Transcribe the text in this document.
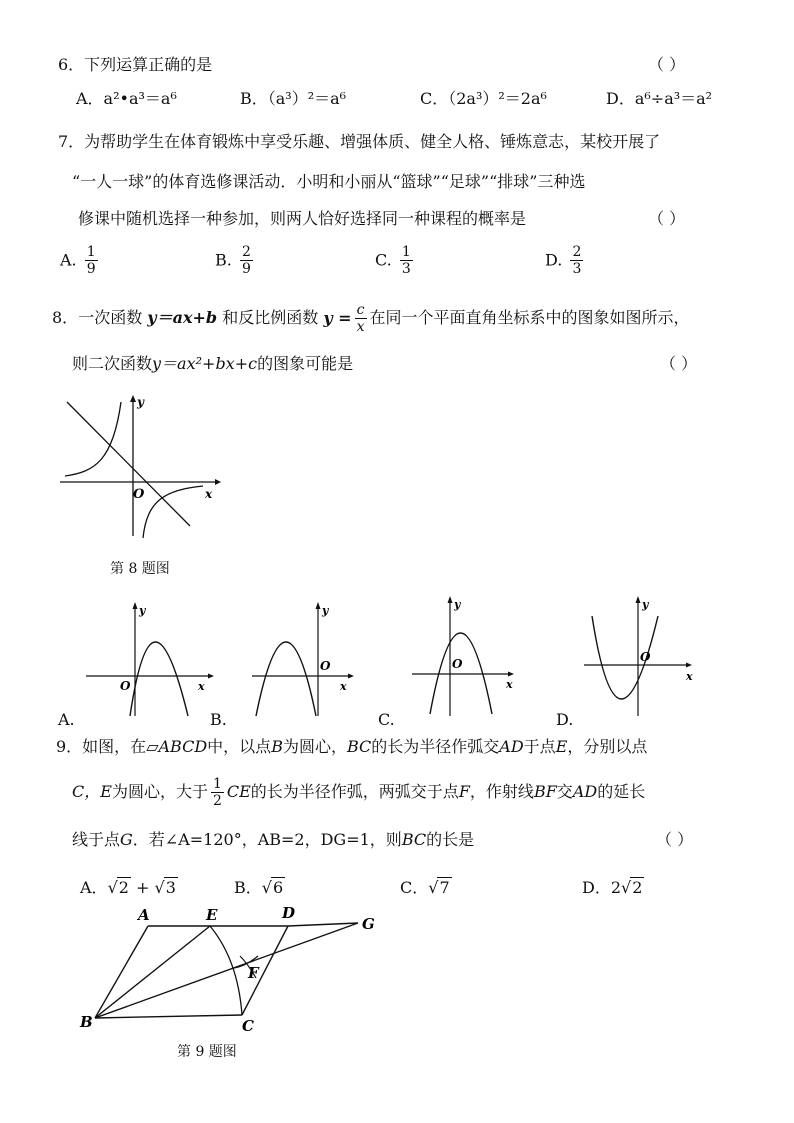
6．下列运算正确的是	（ ）
A．a²•a³＝a⁶	B．（a³）²＝a⁶	C．（2a³）²＝2a⁶	D．a⁶÷a³＝a²
7．为帮助学生在体育锻炼中享受乐趣、增强体质、健全人格、锤炼意志，某校开展了
“一人一球”的体育选修课活动．小明和小丽从“篮球”“足球”“排球”三种选
修课中随机选择一种参加，则两人恰好选择同一种课程的概率是	（ ）
A. $\frac{1}{9}$	B. $\frac{2}{9}$	C. $\frac{1}{3}$	D. $\frac{2}{3}$
8．一次函数 y＝ax+b 和反比例函数 $y = \frac{c}{x}$ 在同一个平面直角坐标系中的图象如图所示，
则二次函数y＝ax²+bx+c的图象可能是	（ ）
x
y
O
第 8 题图
y
x
O
A.
y
x
O
B.
y
x
O
C.
y
x
O
D.
9．如图，在▱ABCD中，以点B为圆心，BC的长为半径作弧交AD于点E，分别以点
C，E为圆心，大于 $\frac{1}{2}$ CE的长为半径作弧，两弧交于点F，作射线BF交AD的延长
线于点G．若∠A=120°，AB=2，DG=1，则BC的长是	（ ）
A．√2 + √3	B．√6	C．√7	D．2√2
A	E	D
G
F
B	C
第 9 题图
